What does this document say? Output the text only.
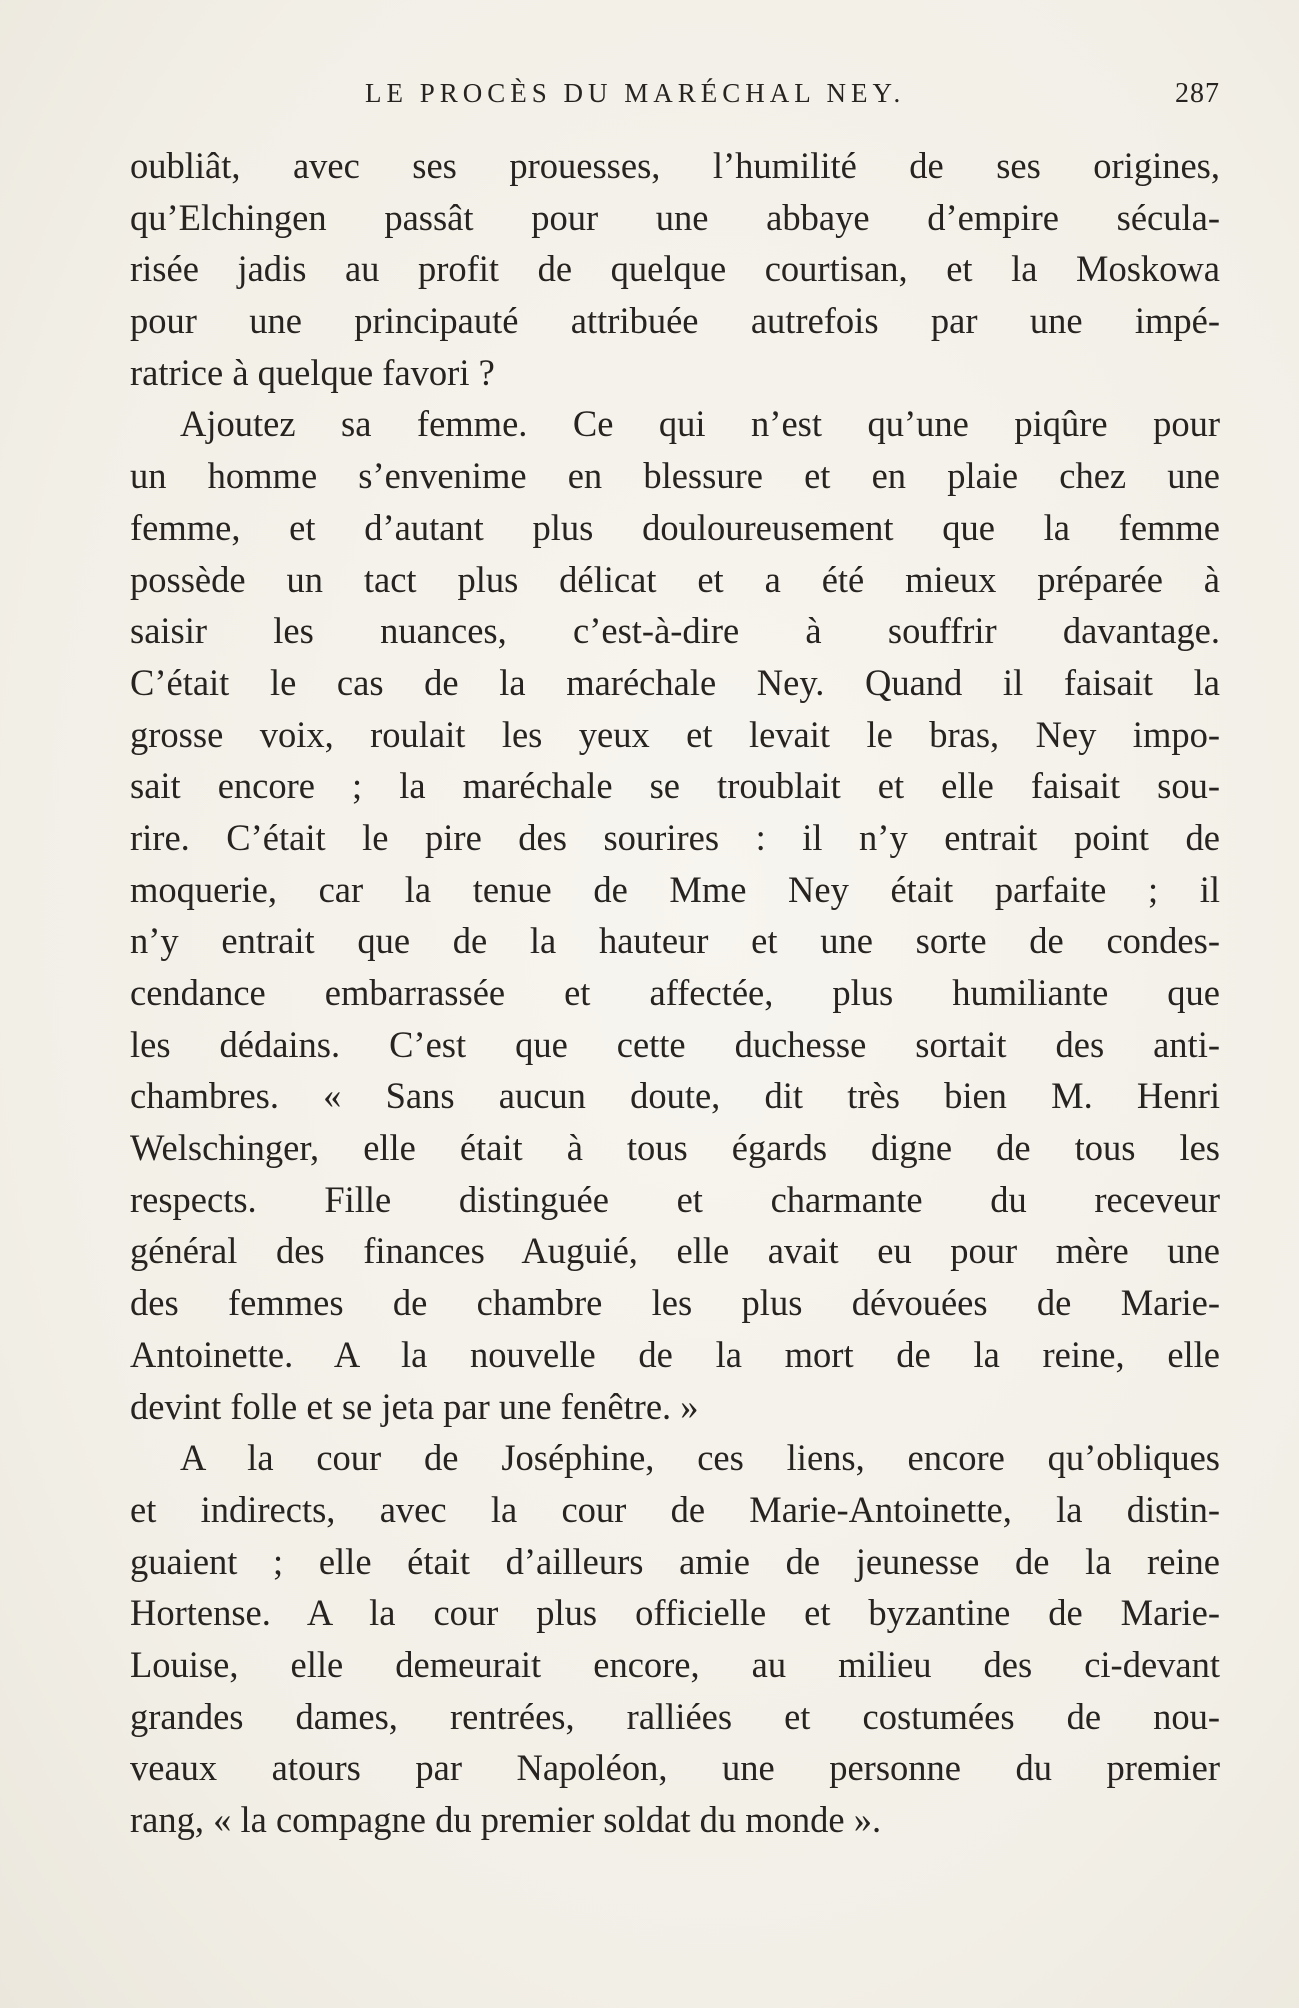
LE PROCÈS DU MARÉCHAL NEY.	287
oubliât, avec ses prouesses, l’humilité de ses origines,
qu’Elchingen passât pour une abbaye d’empire sécula-
risée jadis au profit de quelque courtisan, et la Moskowa
pour une principauté attribuée autrefois par une impé-
ratrice à quelque favori ?
Ajoutez sa femme. Ce qui n’est qu’une piqûre pour
un homme s’envenime en blessure et en plaie chez une
femme, et d’autant plus douloureusement que la femme
possède un tact plus délicat et a été mieux préparée à
saisir les nuances, c’est-à-dire à souffrir davantage.
C’était le cas de la maréchale Ney. Quand il faisait la
grosse voix, roulait les yeux et levait le bras, Ney impo-
sait encore ; la maréchale se troublait et elle faisait sou-
rire. C’était le pire des sourires : il n’y entrait point de
moquerie, car la tenue de Mme Ney était parfaite ; il
n’y entrait que de la hauteur et une sorte de condes-
cendance embarrassée et affectée, plus humiliante que
les dédains. C’est que cette duchesse sortait des anti-
chambres. « Sans aucun doute, dit très bien M. Henri
Welschinger, elle était à tous égards digne de tous les
respects. Fille distinguée et charmante du receveur
général des finances Auguié, elle avait eu pour mère une
des femmes de chambre les plus dévouées de Marie-
Antoinette. A la nouvelle de la mort de la reine, elle
devint folle et se jeta par une fenêtre. »
A la cour de Joséphine, ces liens, encore qu’obliques
et indirects, avec la cour de Marie-Antoinette, la distin-
guaient ; elle était d’ailleurs amie de jeunesse de la reine
Hortense. A la cour plus officielle et byzantine de Marie-
Louise, elle demeurait encore, au milieu des ci-devant
grandes dames, rentrées, ralliées et costumées de nou-
veaux atours par Napoléon, une personne du premier
rang, « la compagne du premier soldat du monde ».
